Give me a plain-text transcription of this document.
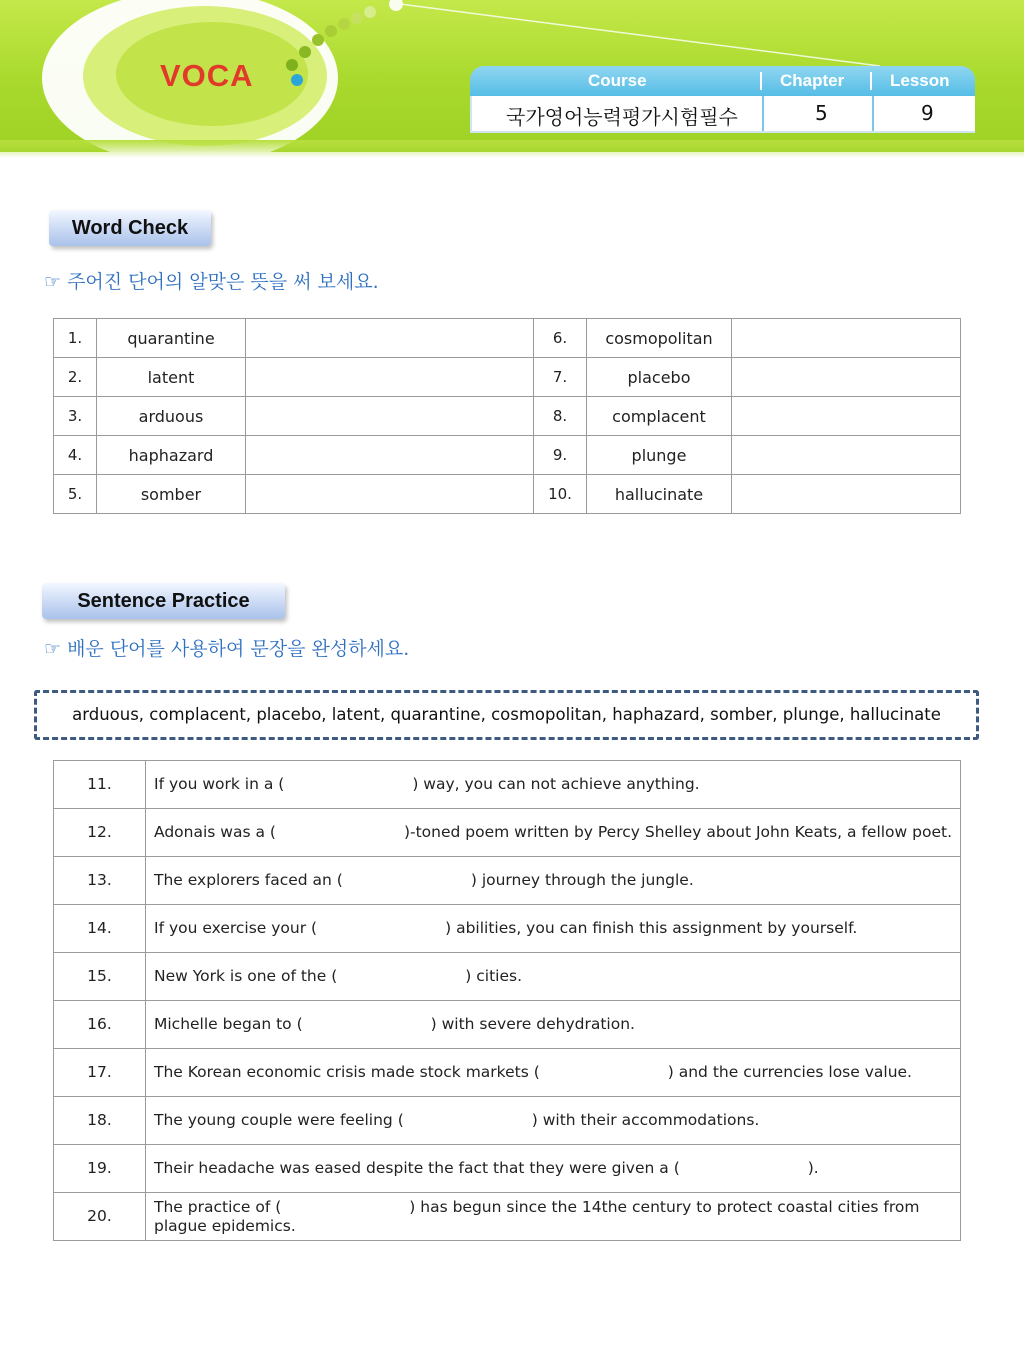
VOCA	Course	Chapter	Lesson
국가영어능력평가시험필수	5	9
Word Check
☞ 주어진 단어의 알맞은 뜻을 써 보세요.
1.	quarantine		6.	cosmopolitan	
2.	latent		7.	placebo	
3.	arduous		8.	complacent	
4.	haphazard		9.	plunge	
5.	somber		10.	hallucinate	
Sentence Practice
☞ 배운 단어를 사용하여 문장을 완성하세요.
arduous, complacent, placebo, latent, quarantine, cosmopolitan, haphazard, somber, plunge, hallucinate
11.	If you work in a ( ) way, you can not achieve anything.
12.	Adonais was a ( )-toned poem written by Percy Shelley about John Keats, a fellow poet.
13.	The explorers faced an ( ) journey through the jungle.
14.	If you exercise your ( ) abilities, you can finish this assignment by yourself.
15.	New York is one of the ( ) cities.
16.	Michelle began to ( ) with severe dehydration.
17.	The Korean economic crisis made stock markets ( ) and the currencies lose value.
18.	The young couple were feeling ( ) with their accommodations.
19.	Their headache was eased despite the fact that they were given a ( ).
20.	The practice of ( ) has begun since the 14the century to protect coastal cities from plague epidemics.
